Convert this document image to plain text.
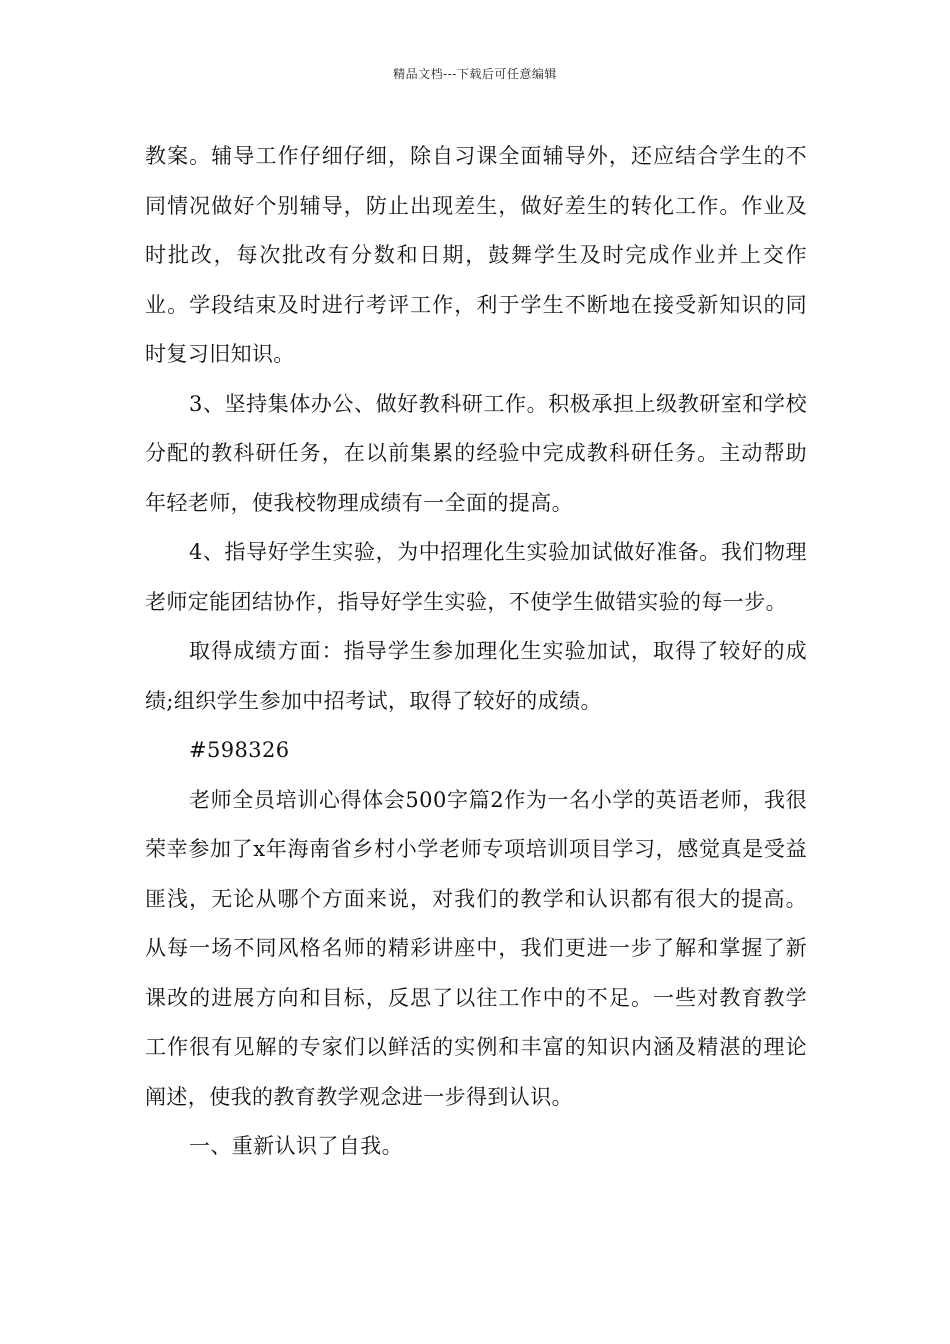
精品文档---下载后可任意编辑

教案。辅导工作仔细仔细，除自习课全面辅导外，还应结合学生的不同情况做好个别辅导，防止出现差生，做好差生的转化工作。作业及时批改，每次批改有分数和日期，鼓舞学生及时完成作业并上交作业。学段结束及时进行考评工作，利于学生不断地在接受新知识的同时复习旧知识。

3、坚持集体办公、做好教科研工作。积极承担上级教研室和学校分配的教科研任务，在以前集累的经验中完成教科研任务。主动帮助年轻老师，使我校物理成绩有一全面的提高。

4、指导好学生实验，为中招理化生实验加试做好准备。我们物理老师定能团结协作，指导好学生实验，不使学生做错实验的每一步。

取得成绩方面：指导学生参加理化生实验加试，取得了较好的成绩;组织学生参加中招考试，取得了较好的成绩。

#598326

老师全员培训心得体会500字篇2作为一名小学的英语老师，我很荣幸参加了x年海南省乡村小学老师专项培训项目学习，感觉真是受益匪浅，无论从哪个方面来说，对我们的教学和认识都有很大的提高。从每一场不同风格名师的精彩讲座中，我们更进一步了解和掌握了新课改的进展方向和目标，反思了以往工作中的不足。一些对教育教学工作很有见解的专家们以鲜活的实例和丰富的知识内涵及精湛的理论阐述，使我的教育教学观念进一步得到认识。

一、重新认识了自我。
